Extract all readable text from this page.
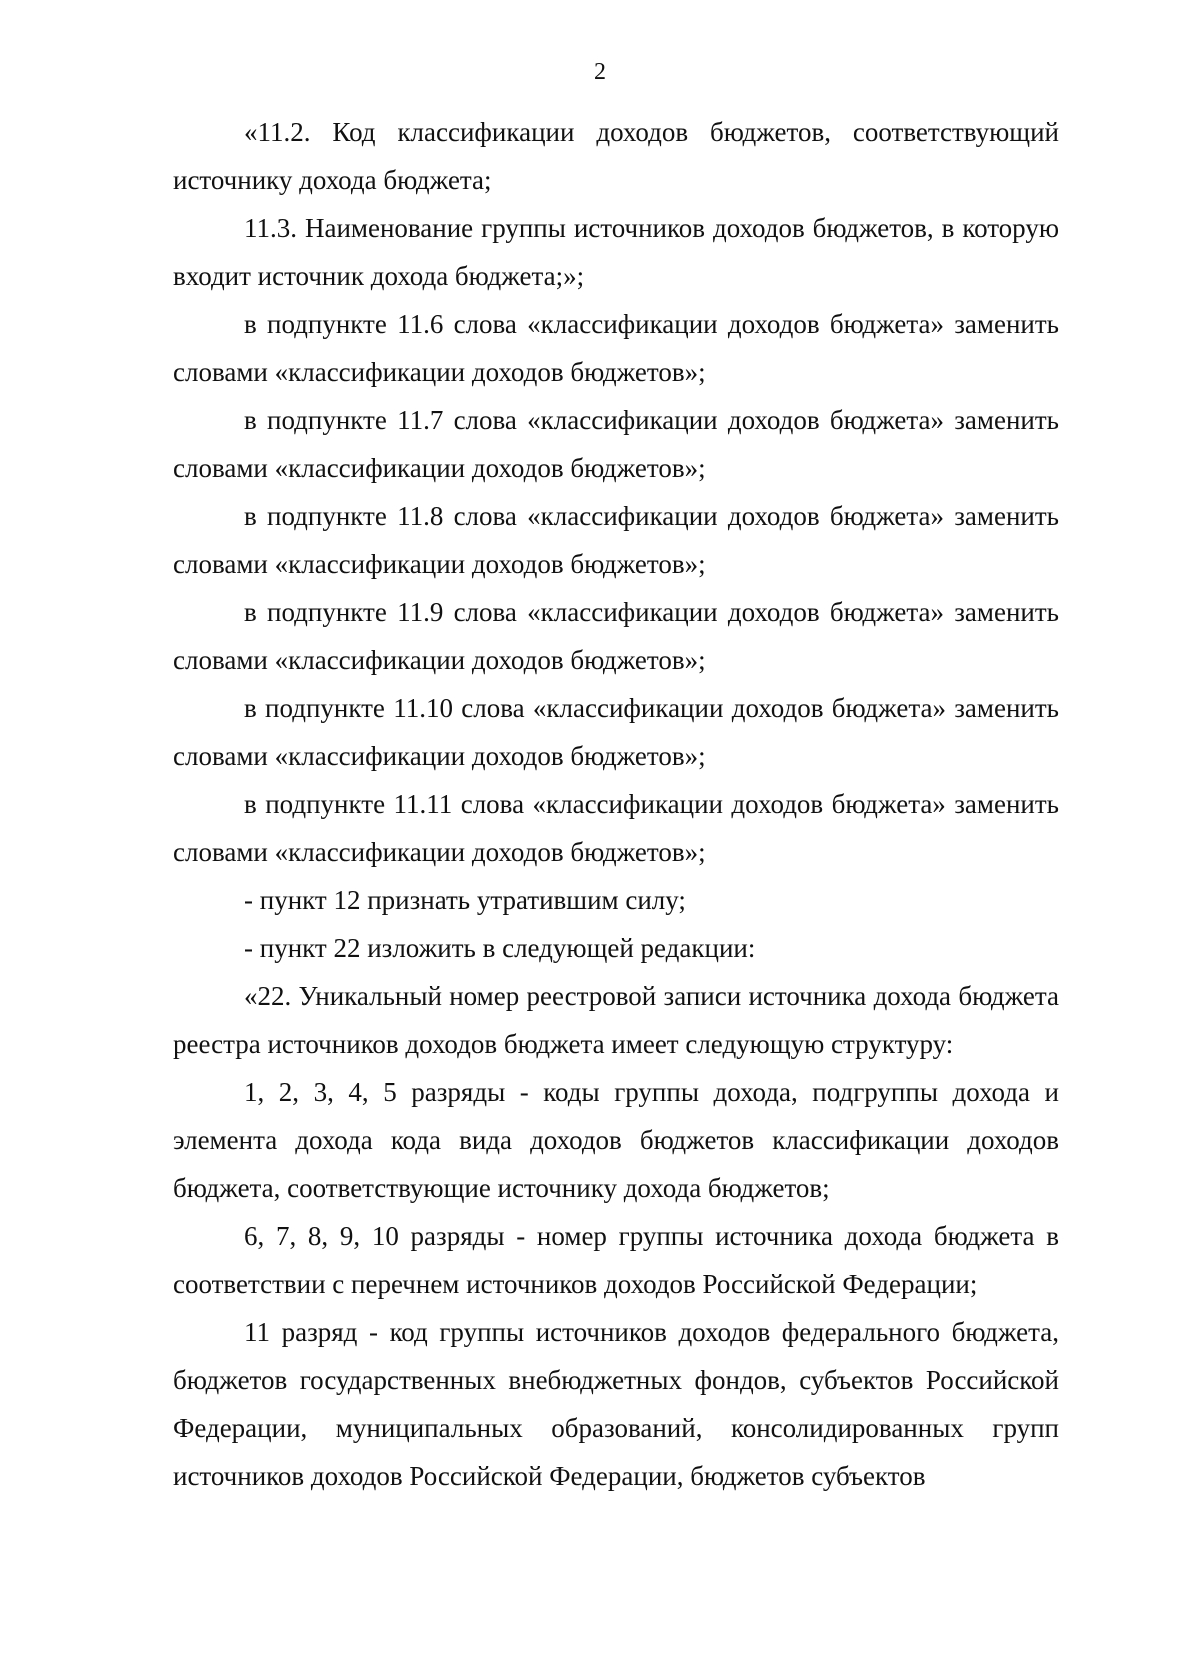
2

«11.2. Код классификации доходов бюджетов, соответствующий источнику дохода бюджета;

11.3. Наименование группы источников доходов бюджетов, в которую входит источник дохода бюджета;»;

в подпункте 11.6 слова «классификации доходов бюджета» заменить словами «классификации доходов бюджетов»;

в подпункте 11.7 слова «классификации доходов бюджета» заменить словами «классификации доходов бюджетов»;

в подпункте 11.8 слова «классификации доходов бюджета» заменить словами «классификации доходов бюджетов»;

в подпункте 11.9 слова «классификации доходов бюджета» заменить словами «классификации доходов бюджетов»;

в подпункте 11.10 слова «классификации доходов бюджета» заменить словами «классификации доходов бюджетов»;

в подпункте 11.11 слова «классификации доходов бюджета» заменить словами «классификации доходов бюджетов»;

- пункт 12 признать утратившим силу;

- пункт 22 изложить в следующей редакции:

«22. Уникальный номер реестровой записи источника дохода бюджета реестра источников доходов бюджета имеет следующую структуру:

1, 2, 3, 4, 5 разряды - коды группы дохода, подгруппы дохода и элемента дохода кода вида доходов бюджетов классификации доходов бюджета, соответствующие источнику дохода бюджетов;

6, 7, 8, 9, 10 разряды - номер группы источника дохода бюджета в соответствии с перечнем источников доходов Российской Федерации;

11 разряд - код группы источников доходов федерального бюджета, бюджетов государственных внебюджетных фондов, субъектов Российской Федерации, муниципальных образований, консолидированных групп источников доходов Российской Федерации, бюджетов субъектов
